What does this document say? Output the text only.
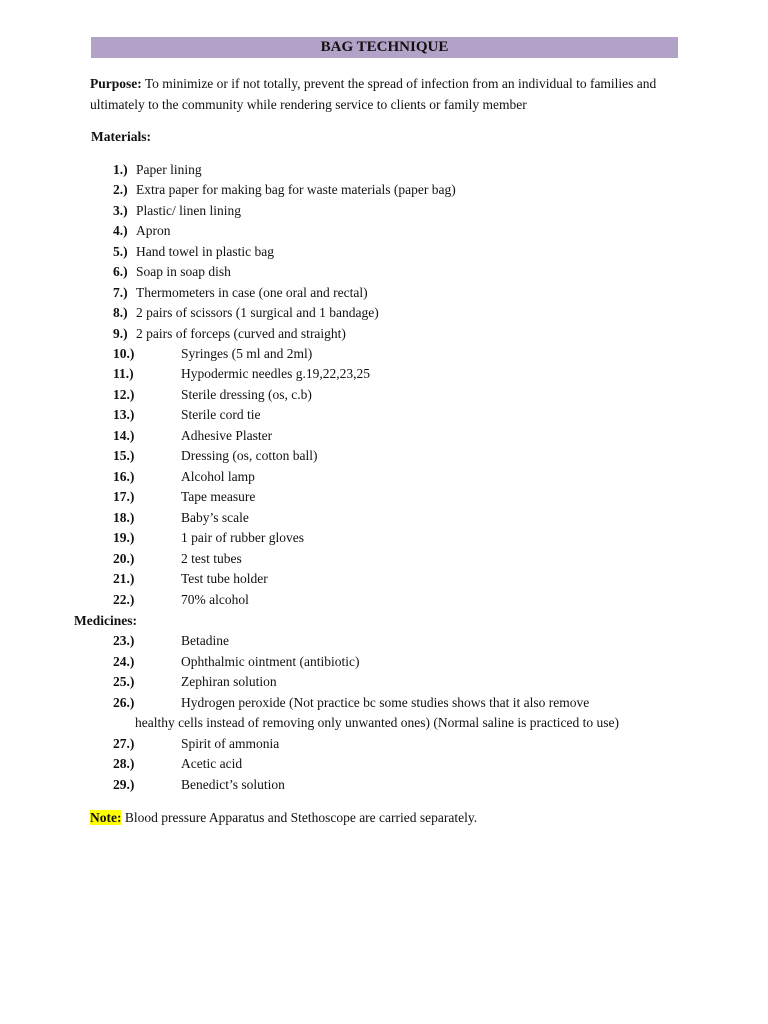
BAG TECHNIQUE
Purpose: To minimize or if not totally, prevent the spread of infection from an individual to families and ultimately to the community while rendering service to clients or family member
Materials:
1.) Paper lining
2.) Extra paper for making bag for waste materials (paper bag)
3.) Plastic/ linen lining
4.) Apron
5.) Hand towel in plastic bag
6.) Soap in soap dish
7.) Thermometers in case (one oral and rectal)
8.) 2 pairs of scissors (1 surgical and 1 bandage)
9.) 2 pairs of forceps (curved and straight)
10.)	Syringes (5 ml and 2ml)
11.)	Hypodermic needles g.19,22,23,25
12.)	Sterile dressing (os, c.b)
13.)	Sterile cord tie
14.)	Adhesive Plaster
15.)	Dressing (os, cotton ball)
16.)	Alcohol lamp
17.)	Tape measure
18.)	Baby’s scale
19.)	1 pair of rubber gloves
20.)	2 test tubes
21.)	Test tube holder
22.)	70% alcohol
23.)	Betadine
24.)	Ophthalmic ointment (antibiotic)
25.)	Zephiran solution
26.)	Hydrogen peroxide (Not practice bc some studies shows that it also remove
27.)	Spirit of ammonia
28.)	Acetic acid
29.)	Benedict’s solution
Medicines:
healthy cells instead of removing only unwanted ones) (Normal saline is practiced to use)
Note: Blood pressure Apparatus and Stethoscope are carried separately.
